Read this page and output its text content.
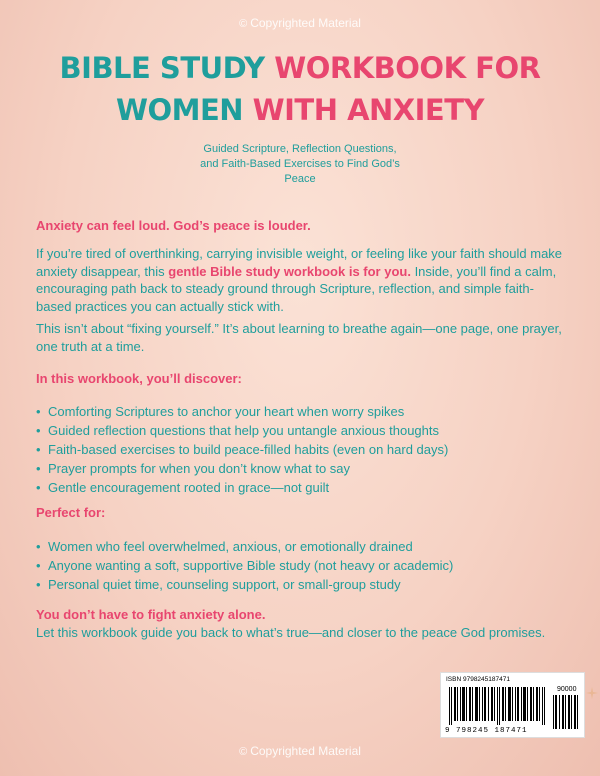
© Copyrighted Material
BIBLE STUDY WORKBOOK FOR
WOMEN WITH ANXIETY
Guided Scripture, Reflection Questions,
and Faith-Based Exercises to Find God’s
Peace
Anxiety can feel loud. God’s peace is louder.
If you’re tired of overthinking, carrying invisible weight, or feeling like your faith should make anxiety disappear, this gentle Bible study workbook is for you. Inside, you’ll find a calm, encouraging path back to steady ground through Scripture, reflection, and simple faith-based practices you can actually stick with.
This isn’t about “fixing yourself.” It’s about learning to breathe again—one page, one prayer, one truth at a time.
In this workbook, you’ll discover:
• Comforting Scriptures to anchor your heart when worry spikes
• Guided reflection questions that help you untangle anxious thoughts
• Faith-based exercises to build peace-filled habits (even on hard days)
• Prayer prompts for when you don’t know what to say
• Gentle encouragement rooted in grace—not guilt
Perfect for:
• Women who feel overwhelmed, anxious, or emotionally drained
• Anyone wanting a soft, supportive Bible study (not heavy or academic)
• Personal quiet time, counseling support, or small-group study
You don’t have to fight anxiety alone.
Let this workbook guide you back to what’s true—and closer to the peace God promises.
ISBN 9798245187471
90000
9 798245 187471
© Copyrighted Material
